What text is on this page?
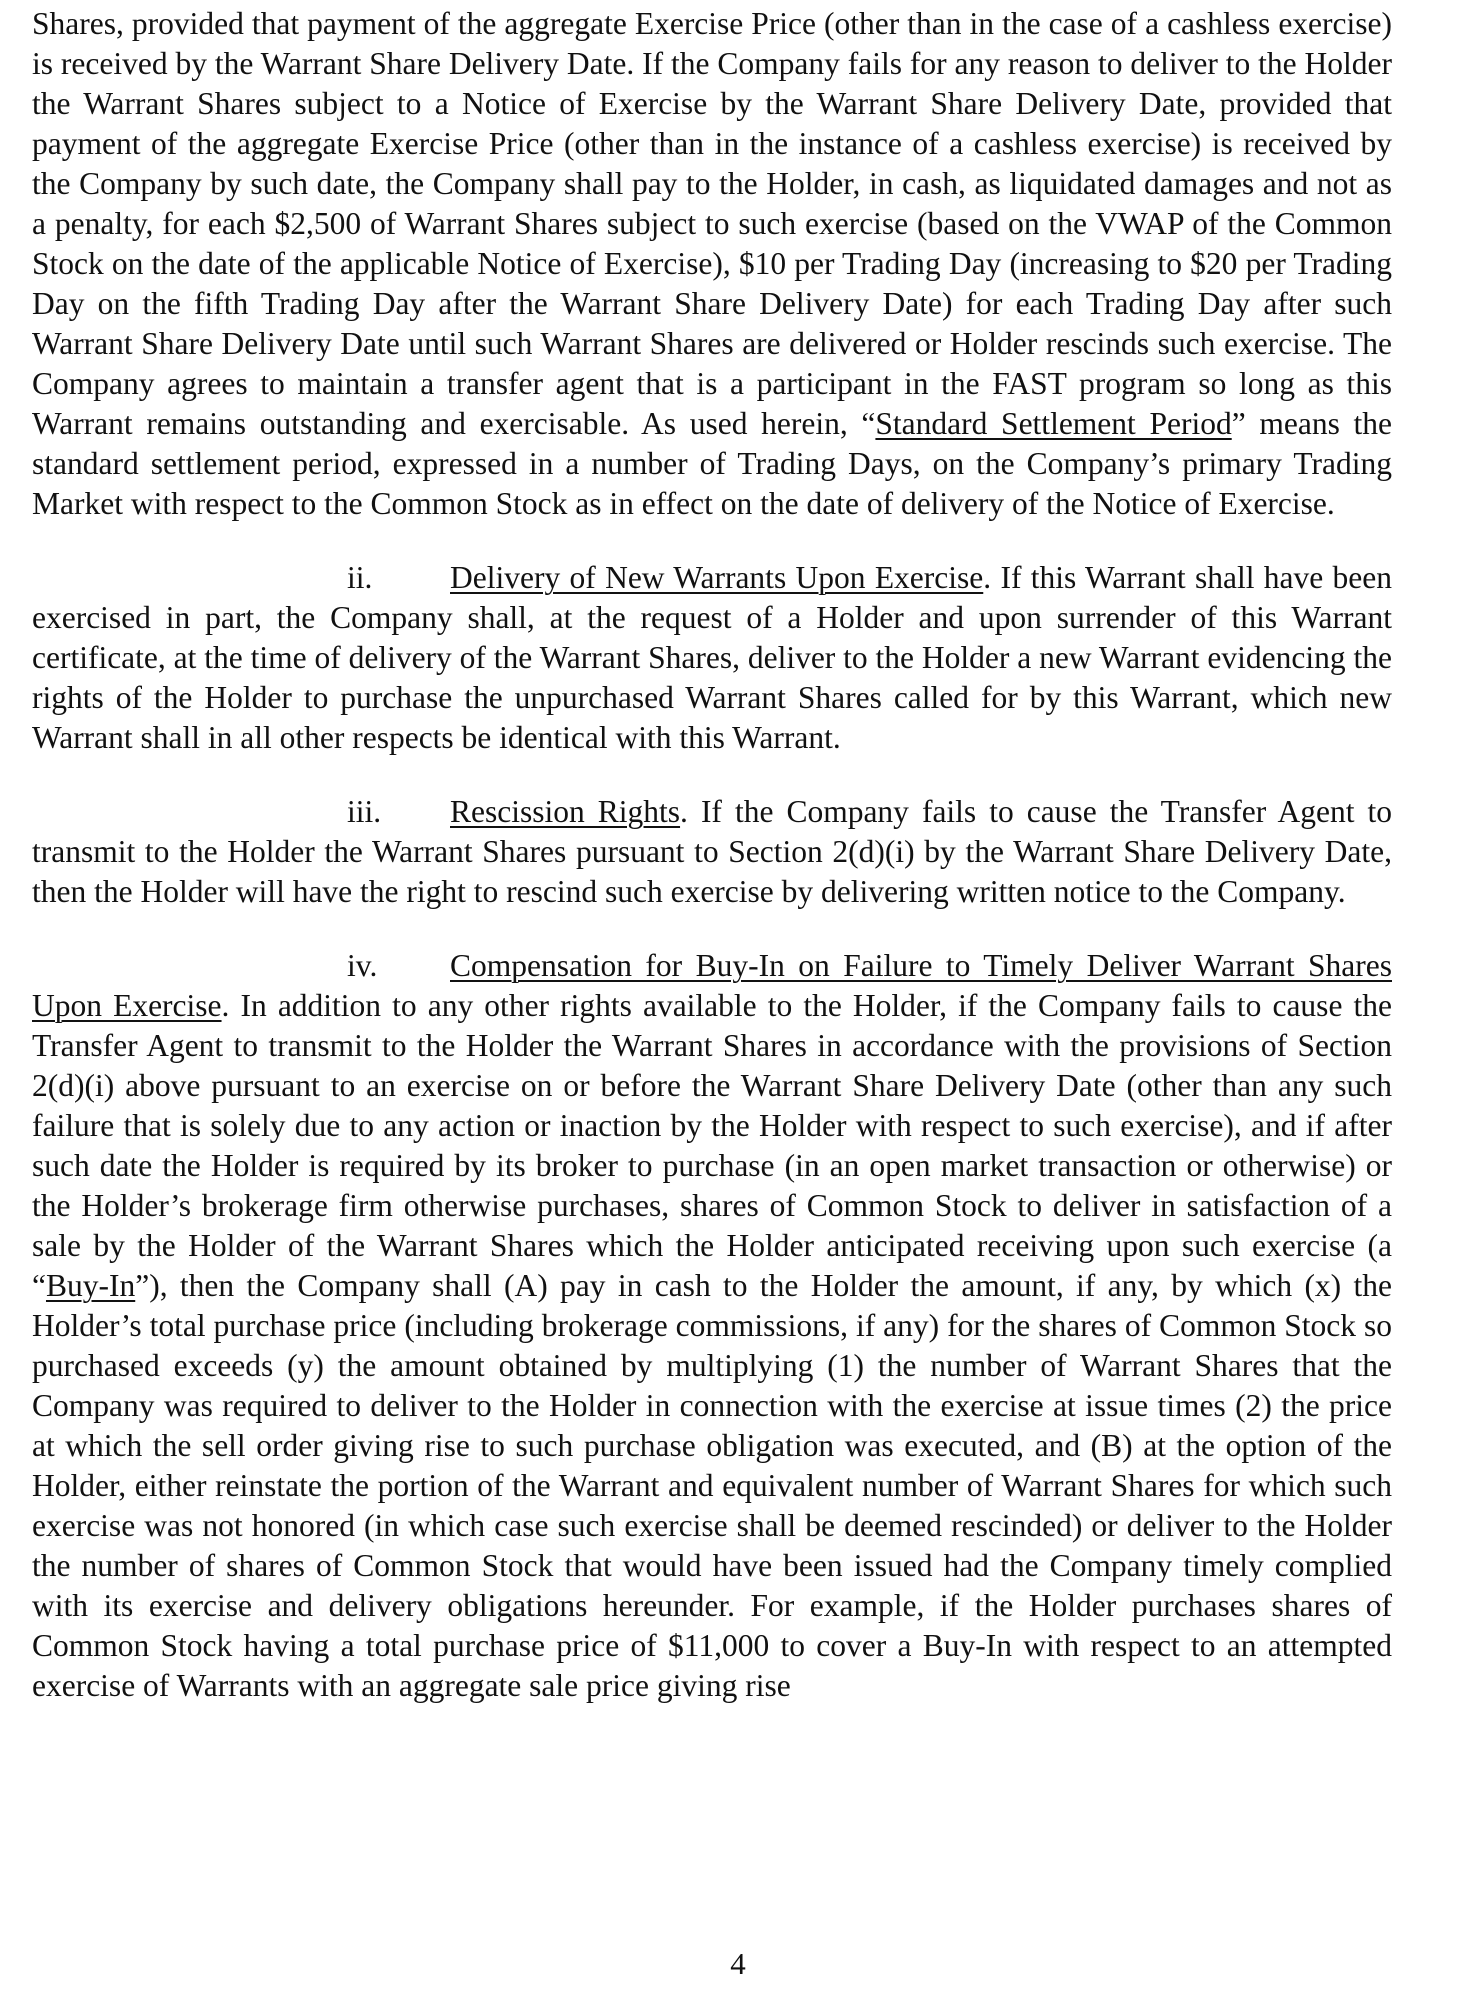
Shares, provided that payment of the aggregate Exercise Price (other than in the case of a cashless exercise) is received by the Warrant Share Delivery Date. If the Company fails for any reason to deliver to the Holder the Warrant Shares subject to a Notice of Exercise by the Warrant Share Delivery Date, provided that payment of the aggregate Exercise Price (other than in the instance of a cashless exercise) is received by the Company by such date, the Company shall pay to the Holder, in cash, as liquidated damages and not as a penalty, for each $2,500 of Warrant Shares subject to such exercise (based on the VWAP of the Common Stock on the date of the applicable Notice of Exercise), $10 per Trading Day (increasing to $20 per Trading Day on the fifth Trading Day after the Warrant Share Delivery Date) for each Trading Day after such Warrant Share Delivery Date until such Warrant Shares are delivered or Holder rescinds such exercise. The Company agrees to maintain a transfer agent that is a participant in the FAST program so long as this Warrant remains outstanding and exercisable. As used herein, “Standard Settlement Period” means the standard settlement period, expressed in a number of Trading Days, on the Company’s primary Trading Market with respect to the Common Stock as in effect on the date of delivery of the Notice of Exercise.

ii. Delivery of New Warrants Upon Exercise. If this Warrant shall have been exercised in part, the Company shall, at the request of a Holder and upon surrender of this Warrant certificate, at the time of delivery of the Warrant Shares, deliver to the Holder a new Warrant evidencing the rights of the Holder to purchase the unpurchased Warrant Shares called for by this Warrant, which new Warrant shall in all other respects be identical with this Warrant.

iii. Rescission Rights. If the Company fails to cause the Transfer Agent to transmit to the Holder the Warrant Shares pursuant to Section 2(d)(i) by the Warrant Share Delivery Date, then the Holder will have the right to rescind such exercise by delivering written notice to the Company.

iv. Compensation for Buy-In on Failure to Timely Deliver Warrant Shares Upon Exercise. In addition to any other rights available to the Holder, if the Company fails to cause the Transfer Agent to transmit to the Holder the Warrant Shares in accordance with the provisions of Section 2(d)(i) above pursuant to an exercise on or before the Warrant Share Delivery Date (other than any such failure that is solely due to any action or inaction by the Holder with respect to such exercise), and if after such date the Holder is required by its broker to purchase (in an open market transaction or otherwise) or the Holder’s brokerage firm otherwise purchases, shares of Common Stock to deliver in satisfaction of a sale by the Holder of the Warrant Shares which the Holder anticipated receiving upon such exercise (a “Buy-In”), then the Company shall (A) pay in cash to the Holder the amount, if any, by which (x) the Holder’s total purchase price (including brokerage commissions, if any) for the shares of Common Stock so purchased exceeds (y) the amount obtained by multiplying (1) the number of Warrant Shares that the Company was required to deliver to the Holder in connection with the exercise at issue times (2) the price at which the sell order giving rise to such purchase obligation was executed, and (B) at the option of the Holder, either reinstate the portion of the Warrant and equivalent number of Warrant Shares for which such exercise was not honored (in which case such exercise shall be deemed rescinded) or deliver to the Holder the number of shares of Common Stock that would have been issued had the Company timely complied with its exercise and delivery obligations hereunder. For example, if the Holder purchases shares of Common Stock having a total purchase price of $11,000 to cover a Buy-In with respect to an attempted exercise of Warrants with an aggregate sale price giving rise

4
